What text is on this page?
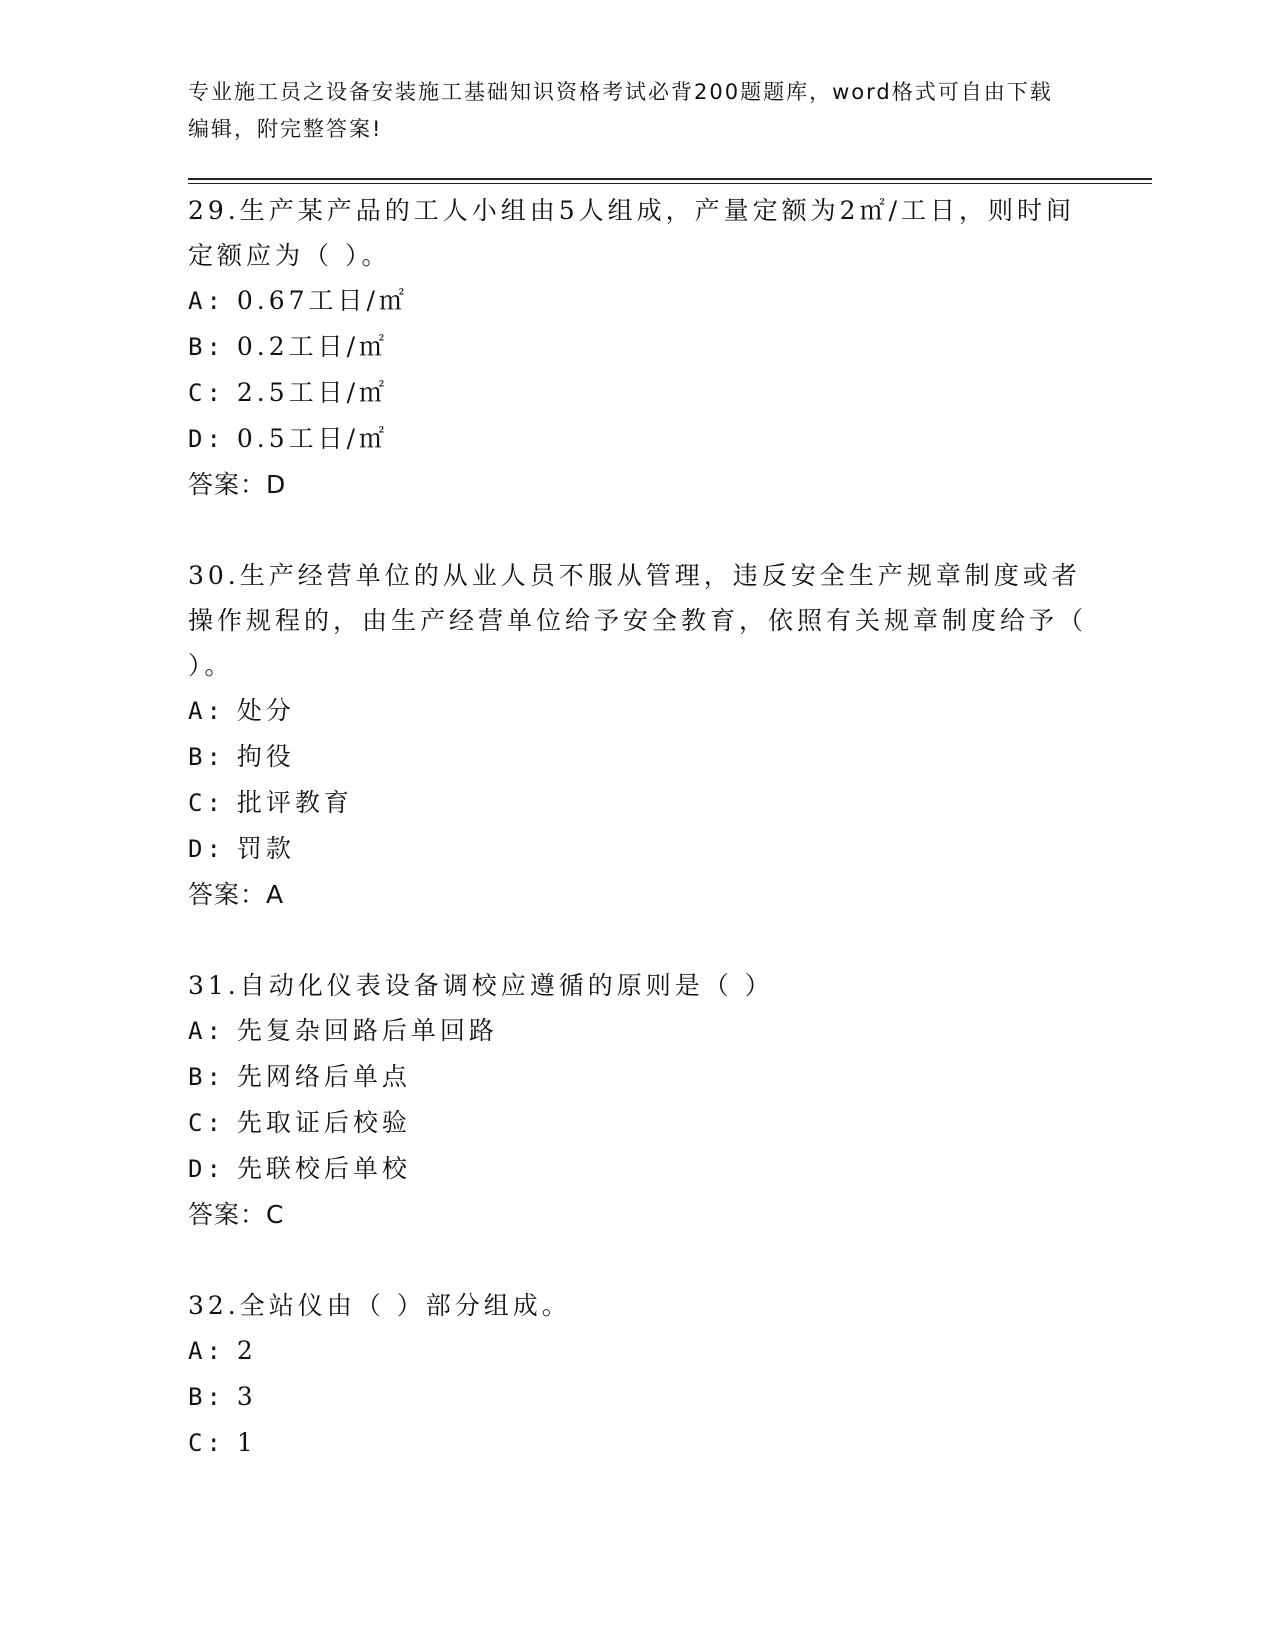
专业施工员之设备安装施工基础知识资格考试必背200题题库，word格式可自由下载编辑，附完整答案!
29.生产某产品的工人小组由5人组成，产量定额为2㎡/工日，则时间定额应为（ ）。
A: 0.67工日/㎡
B: 0.2工日/㎡
C: 2.5工日/㎡
D: 0.5工日/㎡
答案：D
30.生产经营单位的从业人员不服从管理，违反安全生产规章制度或者操作规程的，由生产经营单位给予安全教育，依照有关规章制度给予（ ）。
A: 处分
B: 拘役
C: 批评教育
D: 罚款
答案：A
31.自动化仪表设备调校应遵循的原则是（ ）
A: 先复杂回路后单回路
B: 先网络后单点
C: 先取证后校验
D: 先联校后单校
答案：C
32.全站仪由（ ）部分组成。
A: 2
B: 3
C: 1
